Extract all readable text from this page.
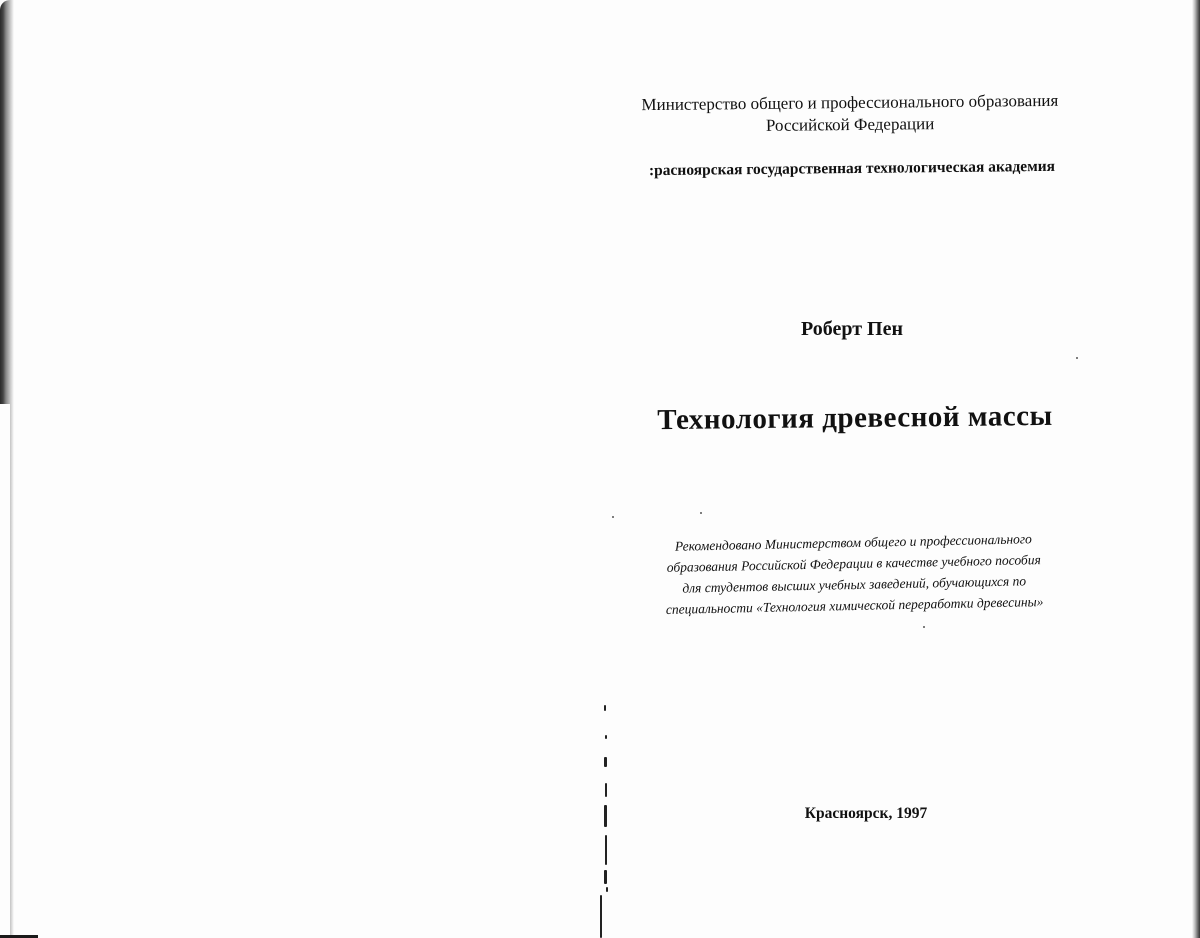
Министерство общего и профессионального образования
Российской Федерации
:расноярская государственная технологическая академия
Роберт Пен
Технология древесной массы
Рекомендовано Министерством общего и профессионального
образования Российской Федерации в качестве учебного пособия
для студентов высших учебных заведений, обучающихся по
специальности «Технология химической переработки древесины»
Красноярск, 1997
